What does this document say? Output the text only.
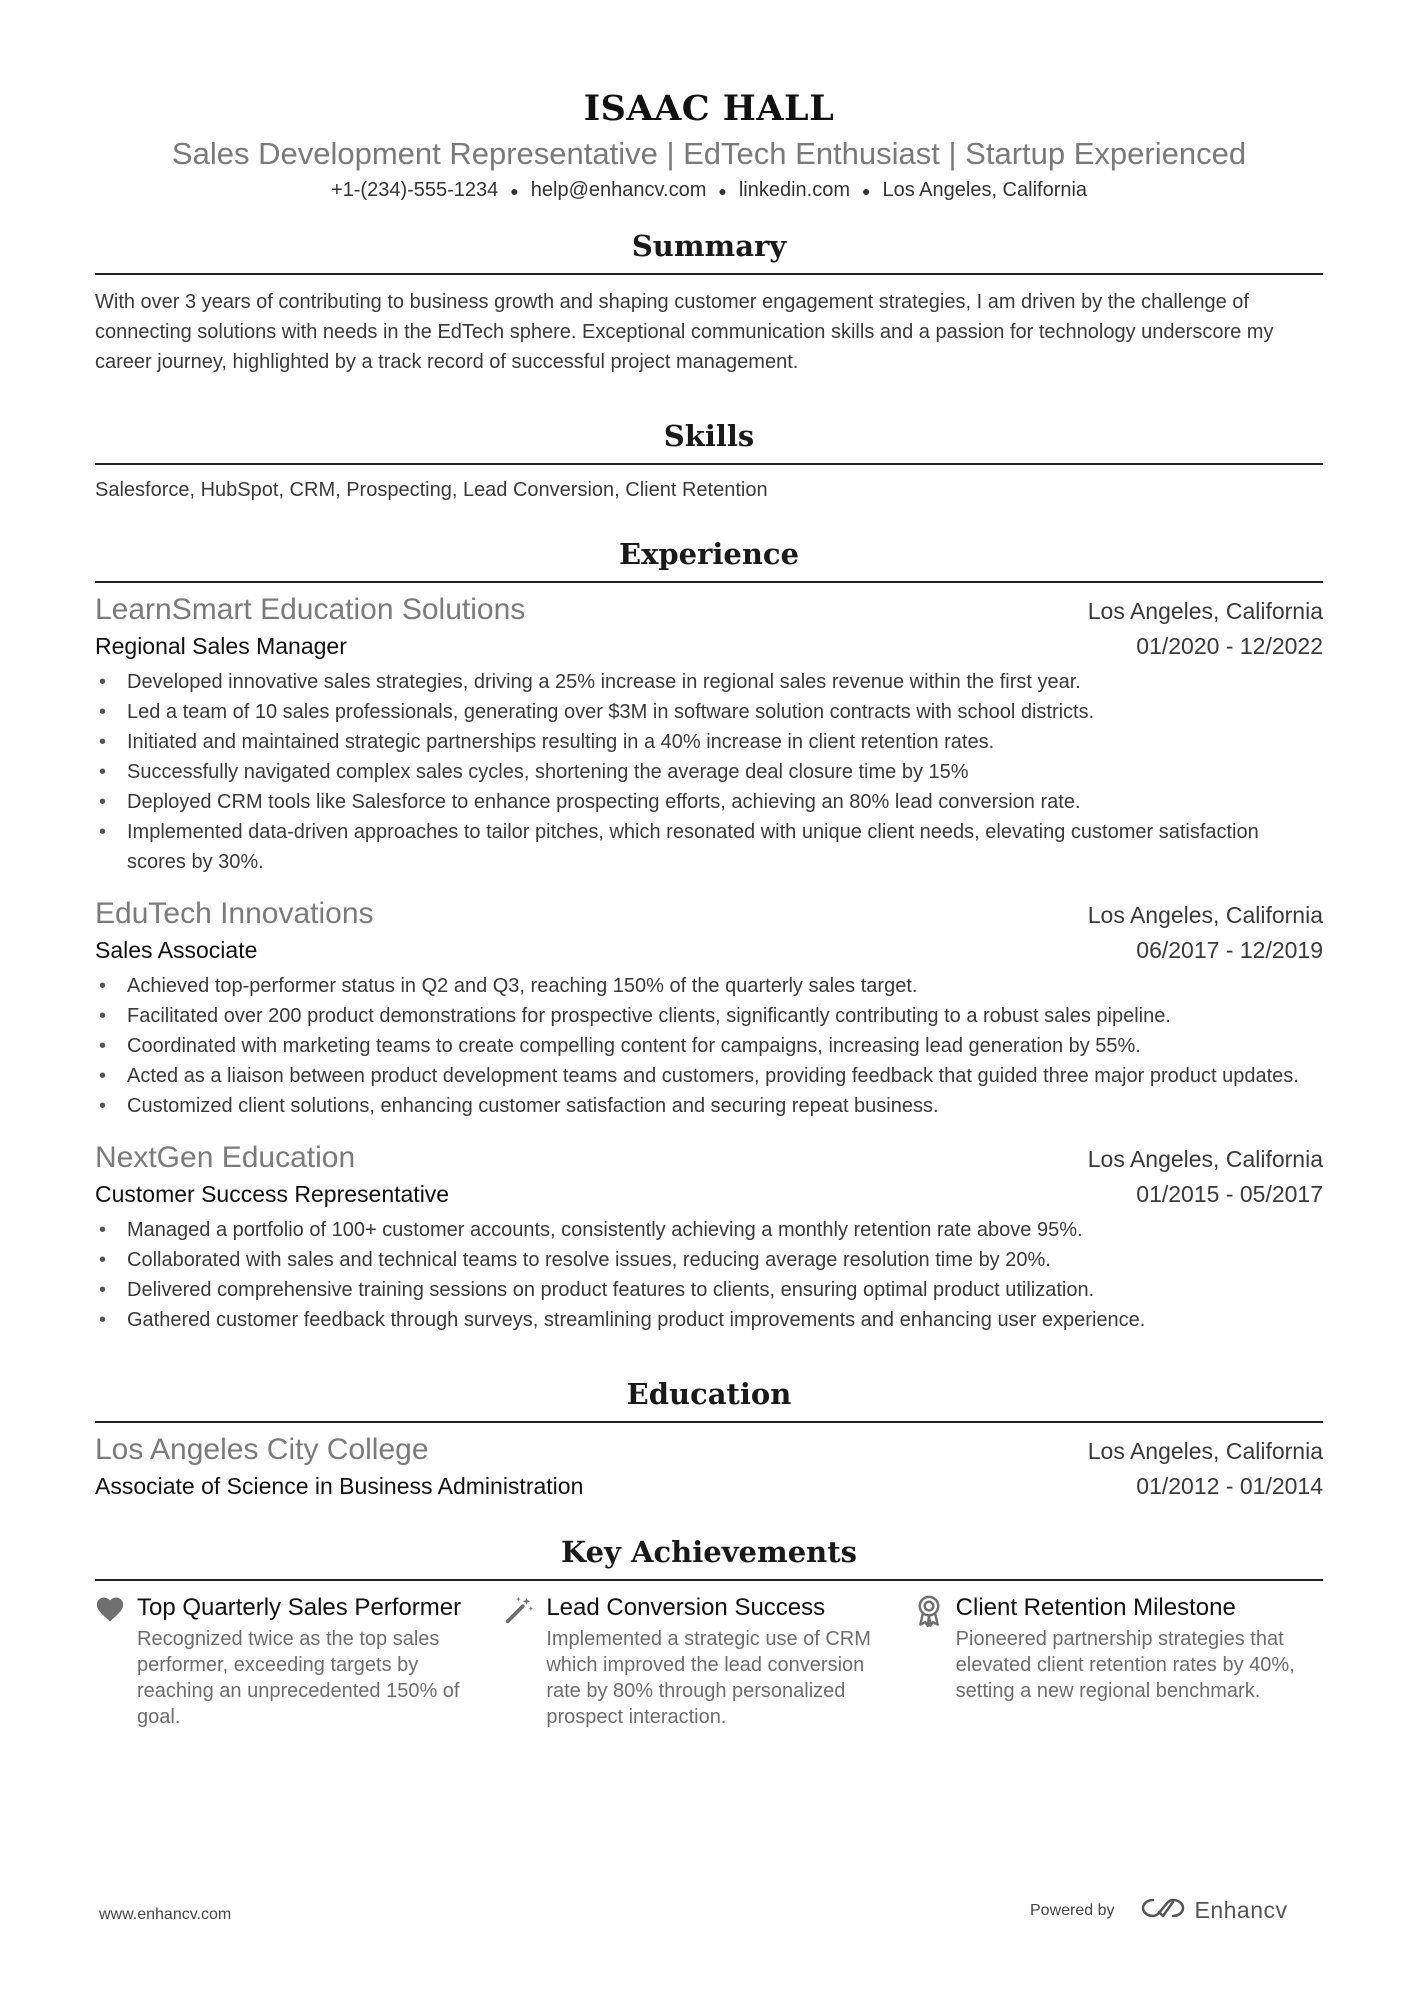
ISAAC HALL
Sales Development Representative | EdTech Enthusiast | Startup Experienced
+1-(234)-555-1234 ● help@enhancv.com ● linkedin.com ● Los Angeles, California
Summary
With over 3 years of contributing to business growth and shaping customer engagement strategies, I am driven by the challenge of connecting solutions with needs in the EdTech sphere. Exceptional communication skills and a passion for technology underscore my career journey, highlighted by a track record of successful project management.
Skills
Salesforce, HubSpot, CRM, Prospecting, Lead Conversion, Client Retention
Experience
LearnSmart Education Solutions	Los Angeles, California
Regional Sales Manager	01/2020 - 12/2022
• Developed innovative sales strategies, driving a 25% increase in regional sales revenue within the first year.
• Led a team of 10 sales professionals, generating over $3M in software solution contracts with school districts.
• Initiated and maintained strategic partnerships resulting in a 40% increase in client retention rates.
• Successfully navigated complex sales cycles, shortening the average deal closure time by 15%
• Deployed CRM tools like Salesforce to enhance prospecting efforts, achieving an 80% lead conversion rate.
• Implemented data-driven approaches to tailor pitches, which resonated with unique client needs, elevating customer satisfaction scores by 30%.
EduTech Innovations	Los Angeles, California
Sales Associate	06/2017 - 12/2019
• Achieved top-performer status in Q2 and Q3, reaching 150% of the quarterly sales target.
• Facilitated over 200 product demonstrations for prospective clients, significantly contributing to a robust sales pipeline.
• Coordinated with marketing teams to create compelling content for campaigns, increasing lead generation by 55%.
• Acted as a liaison between product development teams and customers, providing feedback that guided three major product updates.
• Customized client solutions, enhancing customer satisfaction and securing repeat business.
NextGen Education	Los Angeles, California
Customer Success Representative	01/2015 - 05/2017
• Managed a portfolio of 100+ customer accounts, consistently achieving a monthly retention rate above 95%.
• Collaborated with sales and technical teams to resolve issues, reducing average resolution time by 20%.
• Delivered comprehensive training sessions on product features to clients, ensuring optimal product utilization.
• Gathered customer feedback through surveys, streamlining product improvements and enhancing user experience.
Education
Los Angeles City College	Los Angeles, California
Associate of Science in Business Administration	01/2012 - 01/2014
Key Achievements
Top Quarterly Sales Performer
Recognized twice as the top sales performer, exceeding targets by reaching an unprecedented 150% of goal.
Lead Conversion Success
Implemented a strategic use of CRM which improved the lead conversion rate by 80% through personalized prospect interaction.
Client Retention Milestone
Pioneered partnership strategies that elevated client retention rates by 40%, setting a new regional benchmark.
www.enhancv.com	Powered by	Enhancv
